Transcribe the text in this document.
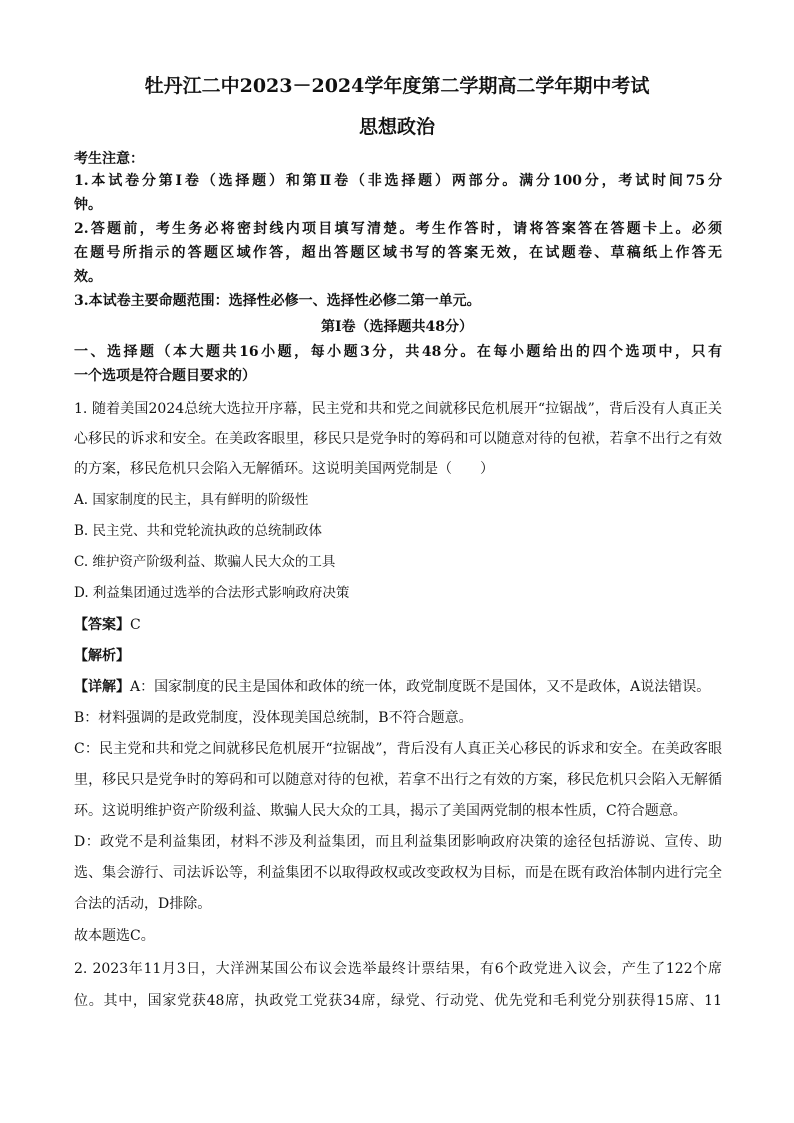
牡丹江二中2023－2024学年度第二学期高二学年期中考试
思想政治
考生注意：
1.本试卷分第Ⅰ卷（选择题）和第Ⅱ卷（非选择题）两部分。满分100分，考试时间75分
钟。
2.答题前，考生务必将密封线内项目填写清楚。考生作答时，请将答案答在答题卡上。必须
在题号所指示的答题区域作答，超出答题区域书写的答案无效，在试题卷、草稿纸上作答无
效。
3.本试卷主要命题范围：选择性必修一、选择性必修二第一单元。
第Ⅰ卷（选择题共48分）
一、选择题（本大题共16小题，每小题3分，共48分。在每小题给出的四个选项中，只有
一个选项是符合题目要求的）
1. 随着美国2024总统大选拉开序幕，民主党和共和党之间就移民危机展开“拉锯战”，背后没有人真正关
心移民的诉求和安全。在美政客眼里，移民只是党争时的筹码和可以随意对待的包袱，若拿不出行之有效
的方案，移民危机只会陷入无解循环。这说明美国两党制是（　　）
A. 国家制度的民主，具有鲜明的阶级性
B. 民主党、共和党轮流执政的总统制政体
C. 维护资产阶级利益、欺骗人民大众的工具
D. 利益集团通过选举的合法形式影响政府决策
【 答案 】 C
【 解析 】
【 详解 】 A：国家制度的民主是国体和政体的统一体，政党制度既不是国体，又不是政体，A说法错误。
B：材料强调的是政党制度，没体现美国总统制，B不符合题意。
C：民主党和共和党之间就移民危机展开“拉锯战”，背后没有人真正关心移民的诉求和安全。在美政客眼
里，移民只是党争时的筹码和可以随意对待的包袱，若拿不出行之有效的方案，移民危机只会陷入无解循
环。这说明维护资产阶级利益、欺骗人民大众的工具，揭示了美国两党制的根本性质，C符合题意。
D：政党不是利益集团，材料不涉及利益集团，而且利益集团影响政府决策的途径包括游说、宣传、助
选、集会游行、司法诉讼等，利益集团不以取得政权或改变政权为目标，而是在既有政治体制内进行完全
合法的活动，D排除。
故本题选C。
2. 2023年11月3日，大洋洲某国公布议会选举最终计票结果，有6个政党进入议会，产生了122个席
位。其中，国家党获48席，执政党工党获34席，绿党、行动党、优先党和毛利党分别获得15席、11
